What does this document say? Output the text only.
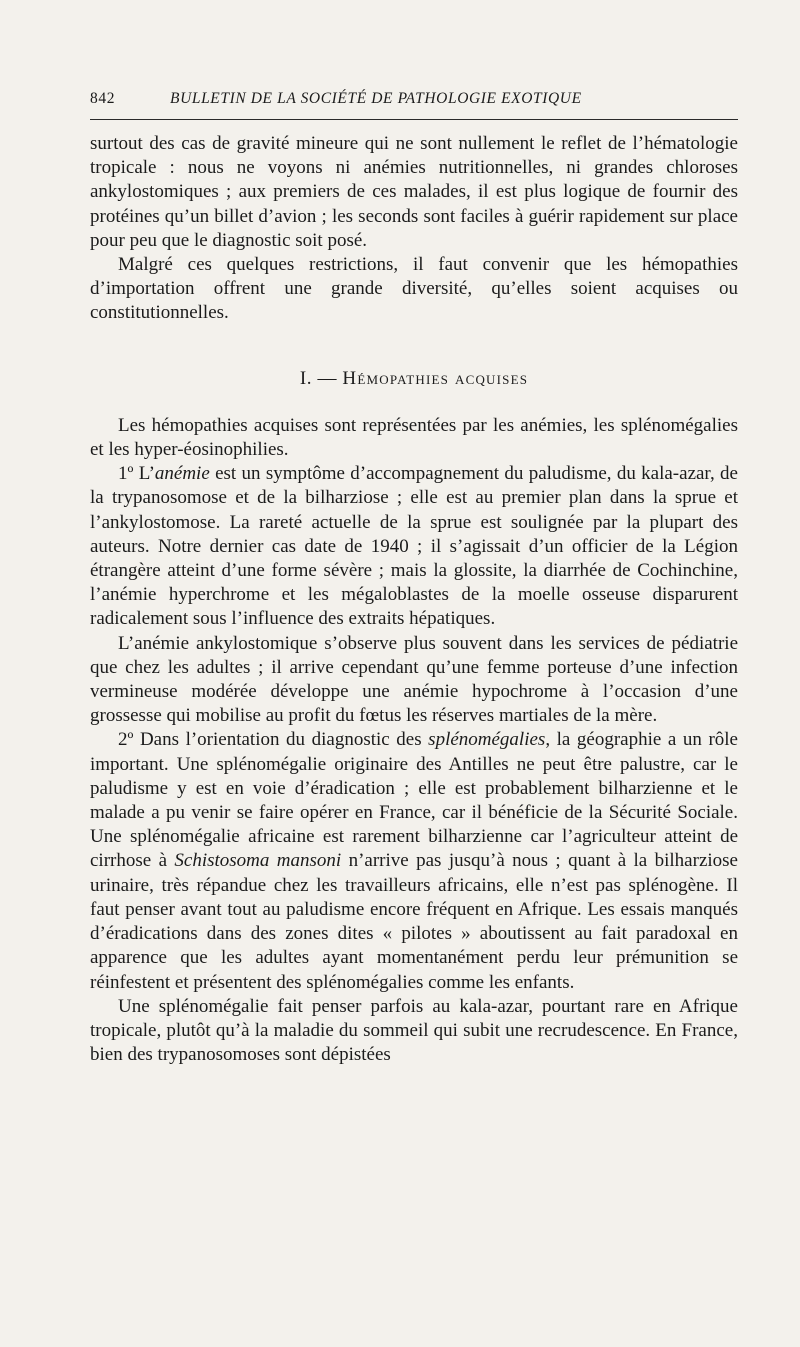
842	BULLETIN DE LA SOCIÉTÉ DE PATHOLOGIE EXOTIQUE

surtout des cas de gravité mineure qui ne sont nullement le reflet de l’hématologie tropicale : nous ne voyons ni anémies nutritionnelles, ni grandes chloroses ankylostomiques ; aux premiers de ces malades, il est plus logique de fournir des protéines qu’un billet d’avion ; les seconds sont faciles à guérir rapidement sur place pour peu que le diagnostic soit posé.

Malgré ces quelques restrictions, il faut convenir que les hémopathies d’importation offrent une grande diversité, qu’elles soient acquises ou constitutionnelles.

I. — Hémopathies acquises

Les hémopathies acquises sont représentées par les anémies, les splénomégalies et les hyper-éosinophilies.

1º L’anémie est un symptôme d’accompagnement du paludisme, du kala-azar, de la trypanosomose et de la bilharziose ; elle est au premier plan dans la sprue et l’ankylostomose. La rareté actuelle de la sprue est soulignée par la plupart des auteurs. Notre dernier cas date de 1940 ; il s’agissait d’un officier de la Légion étrangère atteint d’une forme sévère ; mais la glossite, la diarrhée de Cochinchine, l’anémie hyperchrome et les mégaloblastes de la moelle osseuse disparurent radicalement sous l’influence des extraits hépatiques.

L’anémie ankylostomique s’observe plus souvent dans les services de pédiatrie que chez les adultes ; il arrive cependant qu’une femme porteuse d’une infection vermineuse modérée développe une anémie hypochrome à l’occasion d’une grossesse qui mobilise au profit du fœtus les réserves martiales de la mère.

2º Dans l’orientation du diagnostic des splénomégalies, la géographie a un rôle important. Une splénomégalie originaire des Antilles ne peut être palustre, car le paludisme y est en voie d’éradication ; elle est probablement bilharzienne et le malade a pu venir se faire opérer en France, car il bénéficie de la Sécurité Sociale. Une splénomégalie africaine est rarement bilharzienne car l’agriculteur atteint de cirrhose à Schistosoma mansoni n’arrive pas jusqu’à nous ; quant à la bilharziose urinaire, très répandue chez les travailleurs africains, elle n’est pas splénogène. Il faut penser avant tout au paludisme encore fréquent en Afrique. Les essais manqués d’éradications dans des zones dites « pilotes » aboutissent au fait paradoxal en apparence que les adultes ayant momentanément perdu leur prémunition se réinfestent et présentent des splénomégalies comme les enfants.

Une splénomégalie fait penser parfois au kala-azar, pourtant rare en Afrique tropicale, plutôt qu’à la maladie du sommeil qui subit une recrudescence. En France, bien des trypanosomoses sont dépistées
